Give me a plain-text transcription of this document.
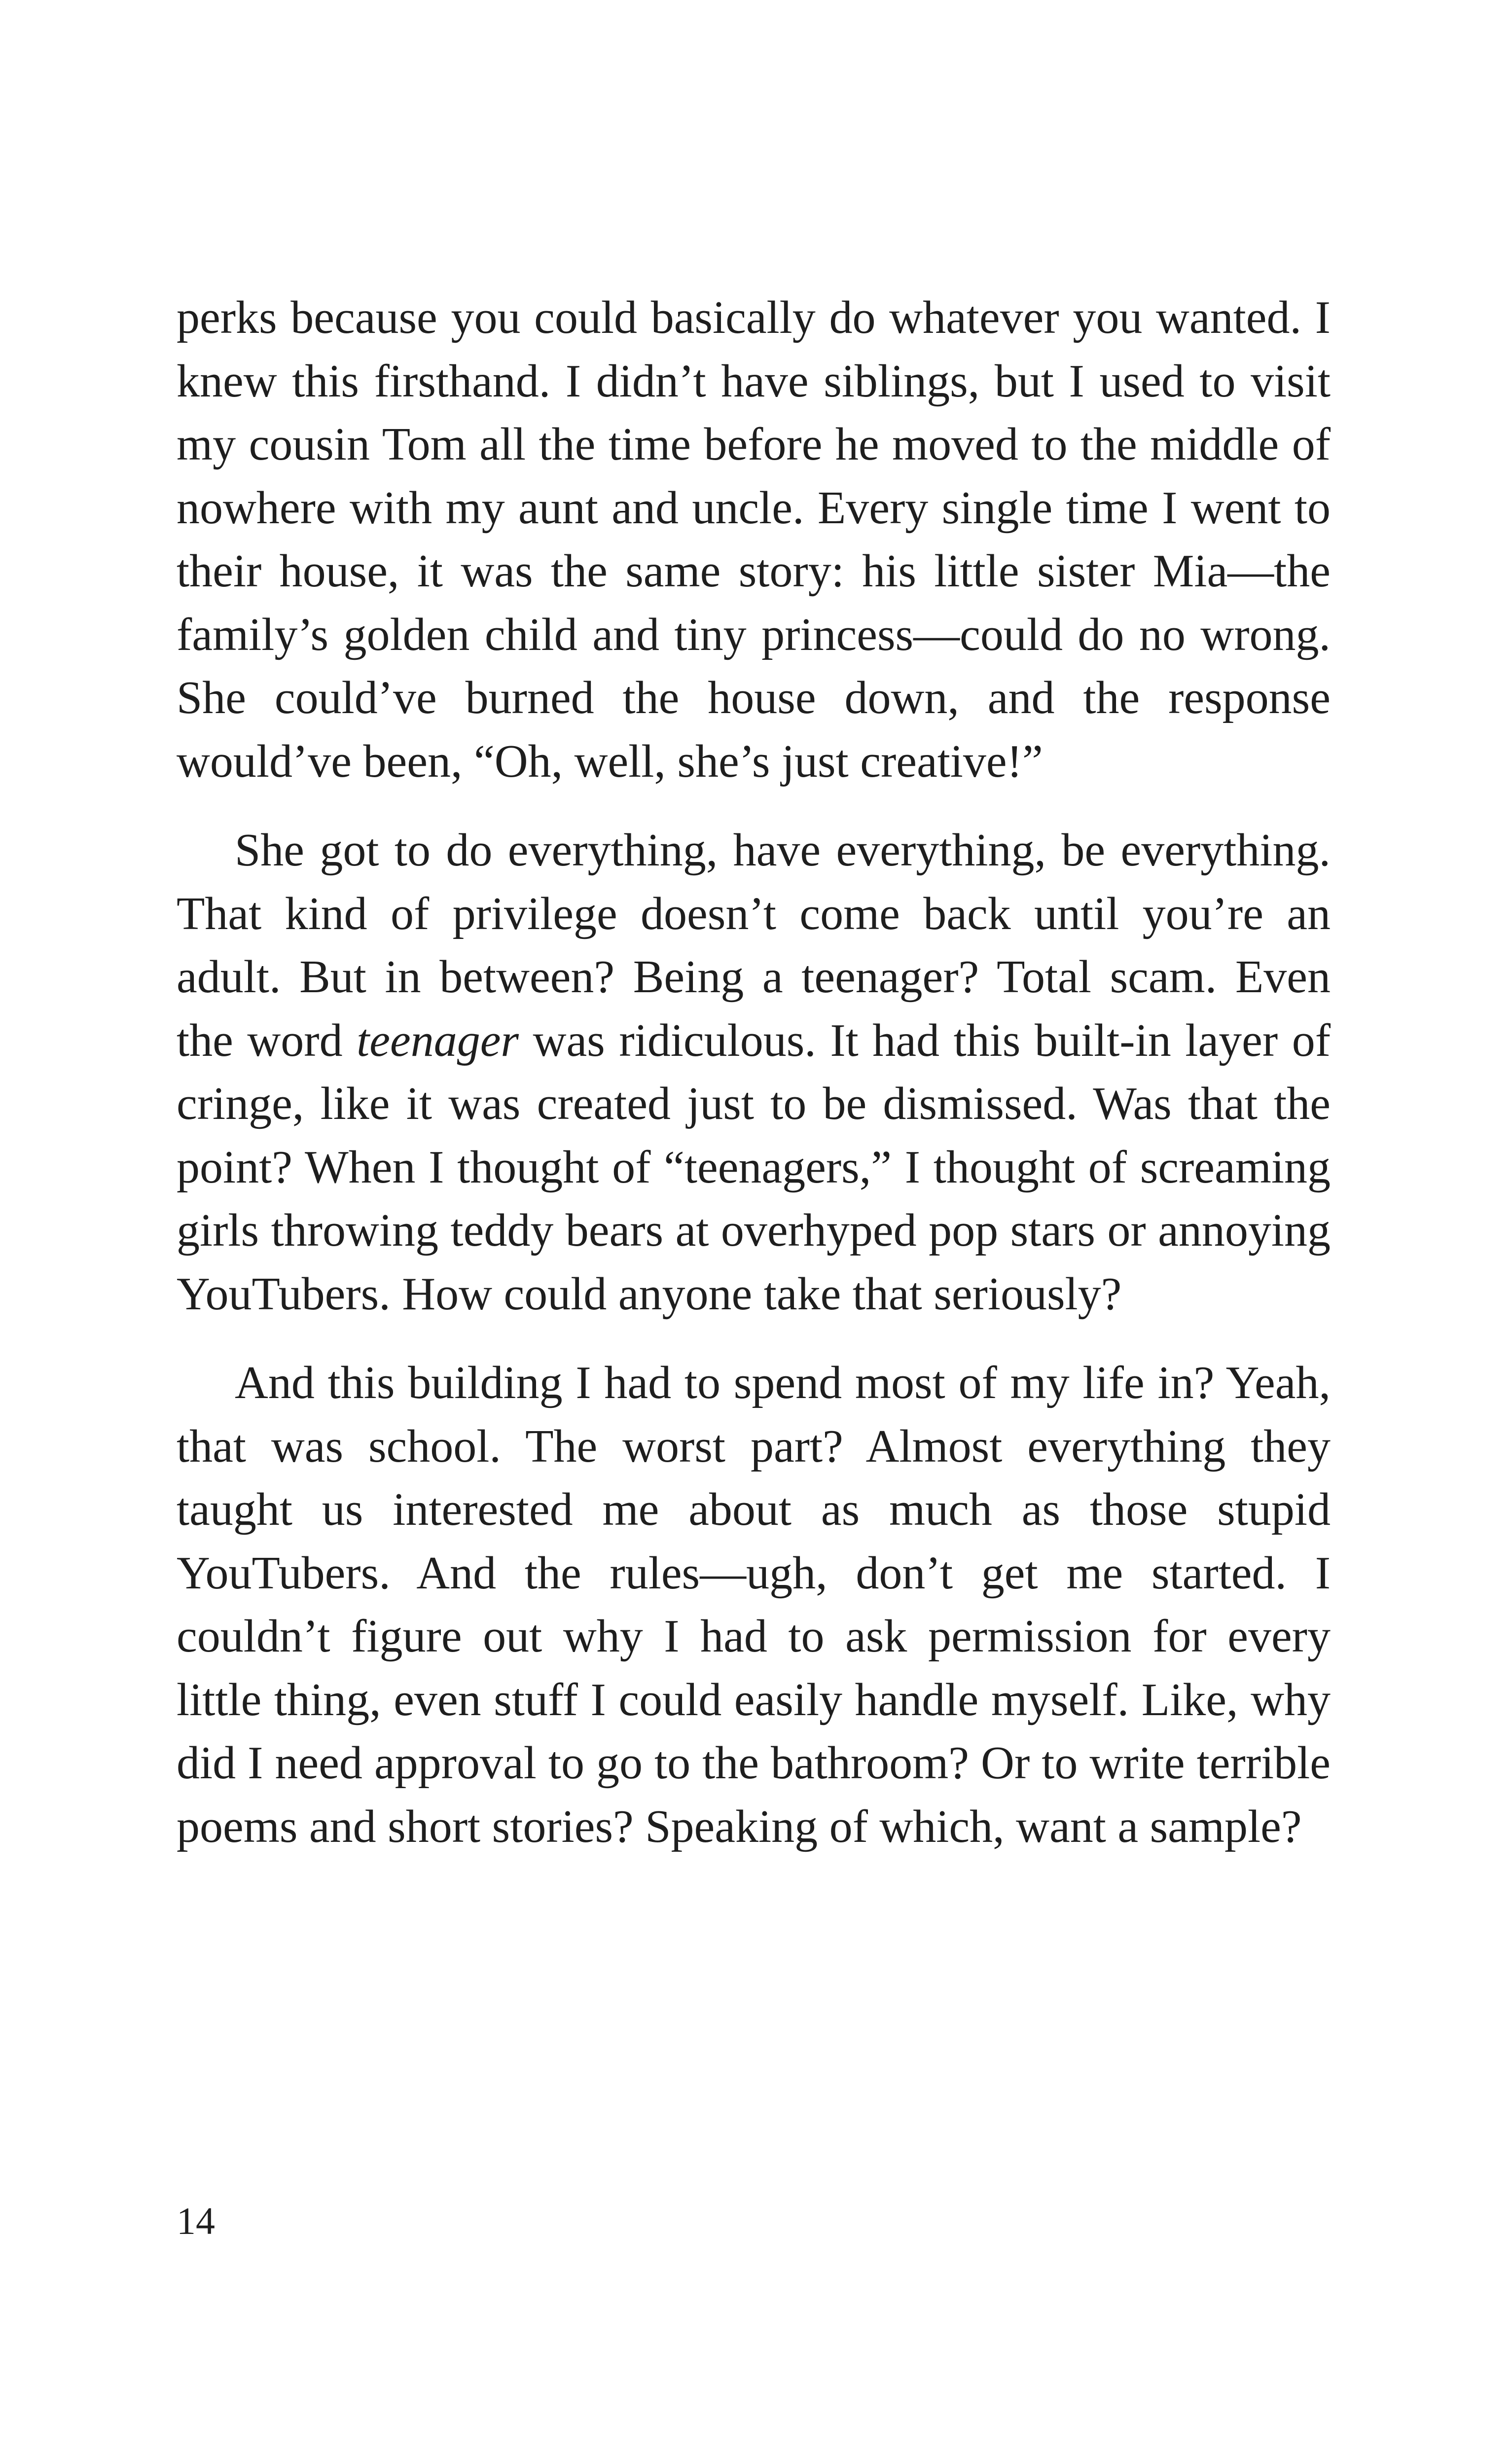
perks because you could basically do whatever you wanted. I knew this firsthand. I didn’t have siblings, but I used to visit my cousin Tom all the time before he moved to the middle of nowhere with my aunt and uncle. Every single time I went to their house, it was the same story: his little sister Mia—the family’s golden child and tiny princess—could do no wrong. She could’ve burned the house down, and the response would’ve been, “Oh, well, she’s just creative!”

She got to do everything, have everything, be everything. That kind of privilege doesn’t come back until you’re an adult. But in between? Being a teenager? Total scam. Even the word teenager was ridiculous. It had this built-in layer of cringe, like it was created just to be dismissed. Was that the point? When I thought of “teenagers,” I thought of screaming girls throwing teddy bears at overhyped pop stars or annoying YouTubers. How could anyone take that seriously?

And this building I had to spend most of my life in? Yeah, that was school. The worst part? Almost everything they taught us interested me about as much as those stupid YouTubers. And the rules—ugh, don’t get me started. I couldn’t figure out why I had to ask permission for every little thing, even stuff I could easily handle myself. Like, why did I need approval to go to the bathroom? Or to write terrible poems and short stories? Speaking of which, want a sample?

14
